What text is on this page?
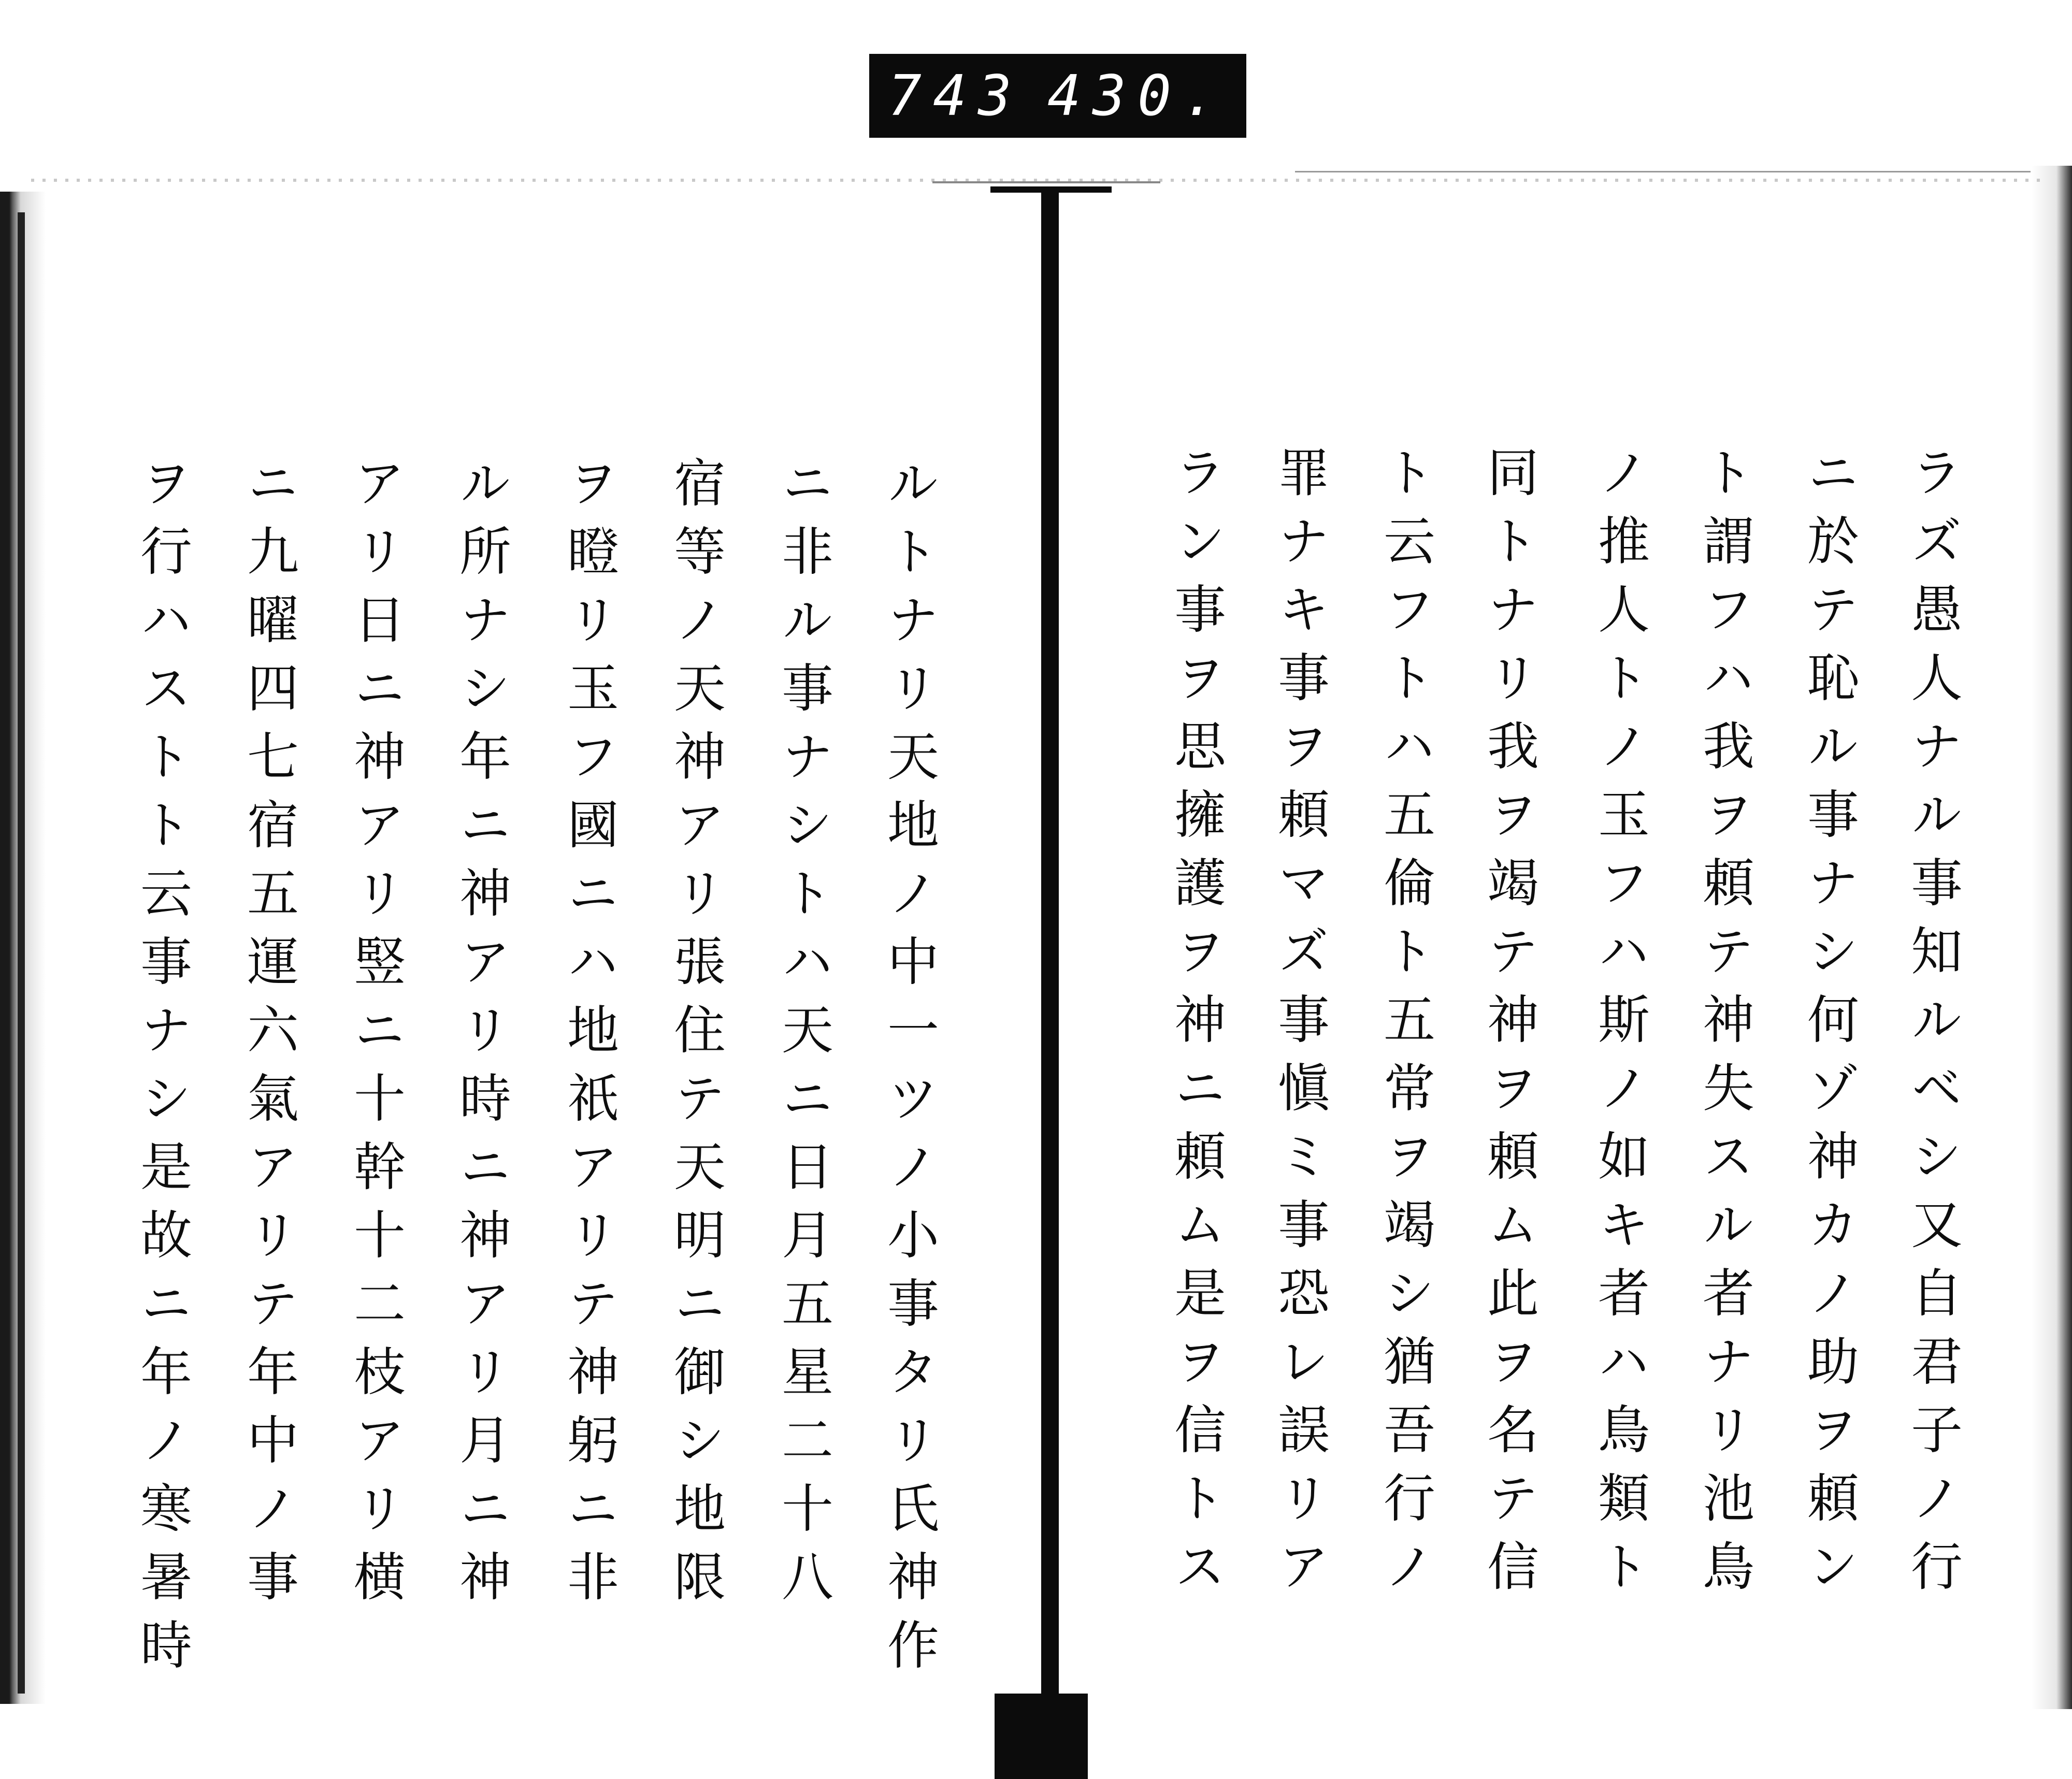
743 430.
ラズ愚人ナル事知ルベシ又自君子ノ行
ニ於テ恥ル事ナシ何ゾ神カノ助ヲ頼ン
ト謂フハ我ヲ頼テ神失スル者ナリ池鳥
ノ推人トノ玉フハ斯ノ如キ者ハ鳥類ト
同トナリ我ヲ竭テ神ヲ頼ム此ヲ名テ信
ト云フトハ五倫ト五常ヲ竭シ猶吾行ノ
罪ナキ事ヲ頼マズ事愼ミ事恐レ誤リア
ラン事ヲ思擁護ヲ神ニ頼ム是ヲ信トス
ルトナリ天地ノ中一ツノ小事タリ氏神作
ニ非ル事ナシトハ天ニ日月五星二十八
宿等ノ天神アリ張住テ天明ニ御シ地限
ヲ瞪リ玉フ國ニハ地祇アリテ神躬ニ非
ル所ナシ年ニ神アリ時ニ神アリ月ニ神
アリ日ニ神アリ竪ニ十幹十二枝アリ横
ニ九曜四七宿五運六氣アリテ年中ノ事
ヲ行ハストト云事ナシ是故ニ年ノ寒暑時
